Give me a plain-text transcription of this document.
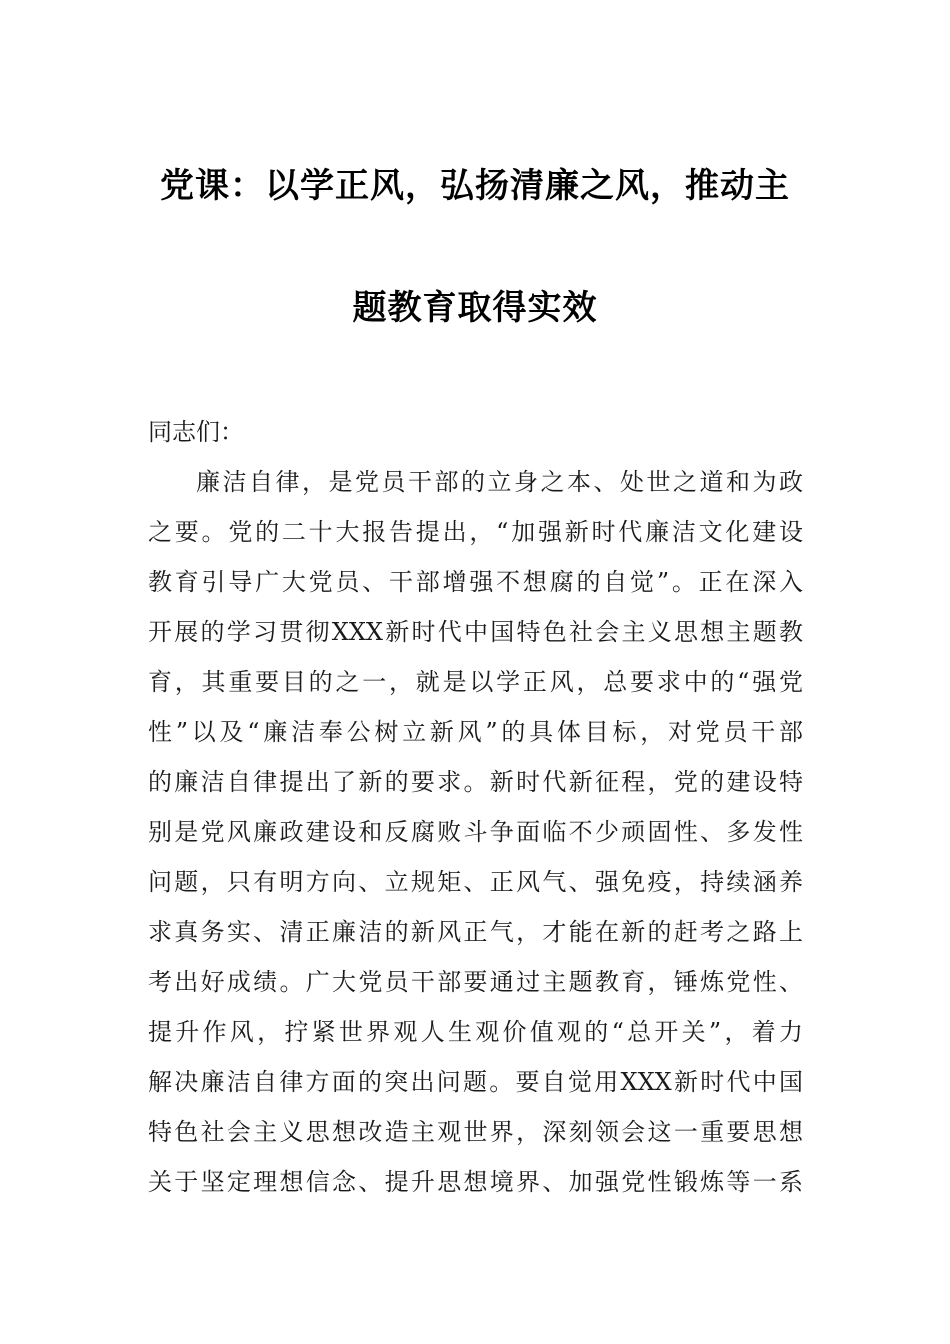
党课：以学正风，弘扬清廉之风，推动主
题教育取得实效
同志们：
廉洁自律，是党员干部的立身之本、处世之道和为政
之要。党的二十大报告提出，“加强新时代廉洁文化建设
教育引导广大党员、干部增强不想腐的自觉”。正在深入
开展的学习贯彻XXX新时代中国特色社会主义思想主题教
育，其重要目的之一，就是以学正风，总要求中的“强党
性”以及“廉洁奉公树立新风”的具体目标，对党员干部
的廉洁自律提出了新的要求。新时代新征程，党的建设特
别是党风廉政建设和反腐败斗争面临不少顽固性、多发性
问题，只有明方向、立规矩、正风气、强免疫，持续涵养
求真务实、清正廉洁的新风正气，才能在新的赶考之路上
考出好成绩。广大党员干部要通过主题教育，锤炼党性、
提升作风，拧紧世界观人生观价值观的“总开关”，着力
解决廉洁自律方面的突出问题。要自觉用XXX新时代中国
特色社会主义思想改造主观世界，深刻领会这一重要思想
关于坚定理想信念、提升思想境界、加强党性锻炼等一系
